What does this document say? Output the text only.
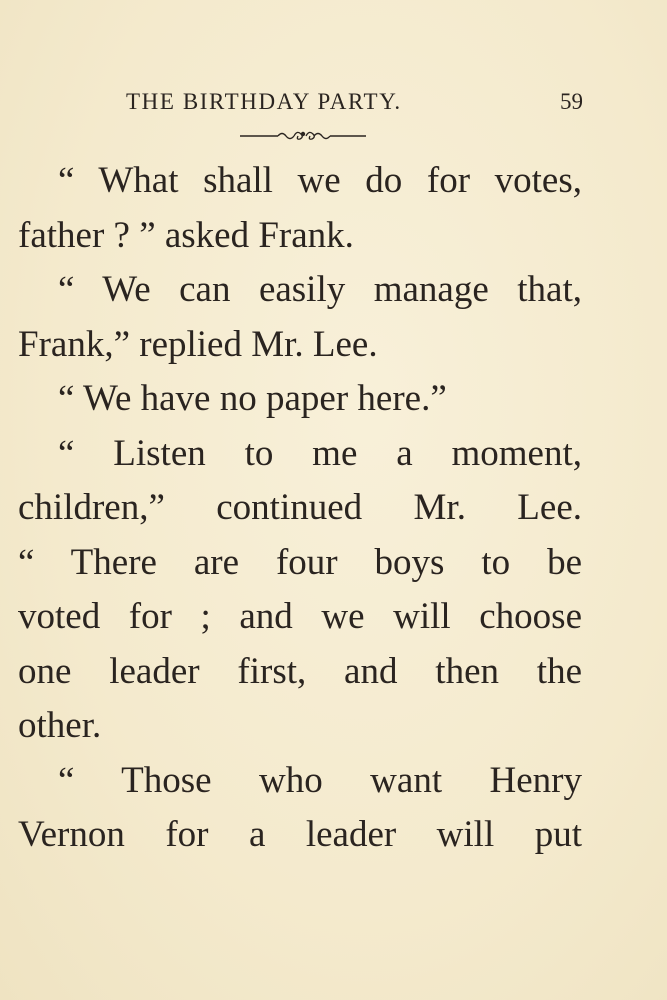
THE BIRTHDAY PARTY.	59
“ What shall we do for votes,
father ? ” asked Frank.
“ We can easily manage that,
Frank,” replied Mr. Lee.
“ We have no paper here.”
“ Listen to me a moment,
children,” continued Mr. Lee.
“ There are four boys to be
voted for ; and we will choose
one leader first, and then the
other.
“ Those who want Henry
Vernon for a leader will put
